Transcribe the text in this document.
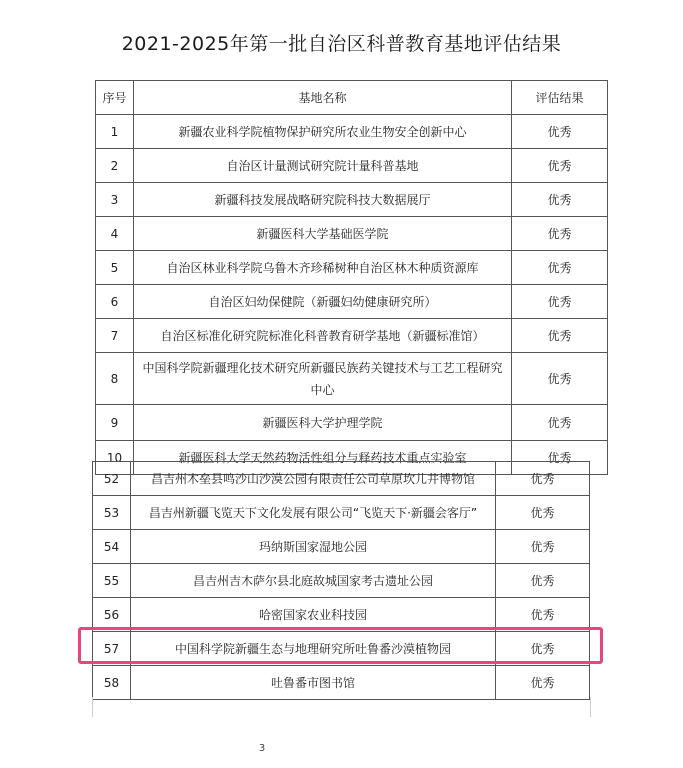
2021-2025年第一批自治区科普教育基地评估结果
序号	基地名称	评估结果
1	新疆农业科学院植物保护研究所农业生物安全创新中心	优秀
2	自治区计量测试研究院计量科普基地	优秀
3	新疆科技发展战略研究院科技大数据展厅	优秀
4	新疆医科大学基础医学院	优秀
5	自治区林业科学院乌鲁木齐珍稀树种自治区林木种质资源库	优秀
6	自治区妇幼保健院（新疆妇幼健康研究所）	优秀
7	自治区标准化研究院标准化科普教育研学基地（新疆标准馆）	优秀
8	中国科学院新疆理化技术研究所新疆民族药关键技术与工艺工程研究中心	优秀
9	新疆医科大学护理学院	优秀
10	新疆医科大学天然药物活性组分与释药技术重点实验室	优秀
52	昌吉州木垒县鸣沙山沙漠公园有限责任公司草原坎儿井博物馆	优秀
53	昌吉州新疆飞览天下文化发展有限公司“飞览天下·新疆会客厅”	优秀
54	玛纳斯国家湿地公园	优秀
55	昌吉州吉木萨尔县北庭故城国家考古遗址公园	优秀
56	哈密国家农业科技园	优秀
57	中国科学院新疆生态与地理研究所吐鲁番沙漠植物园	优秀
58	吐鲁番市图书馆	优秀
3
